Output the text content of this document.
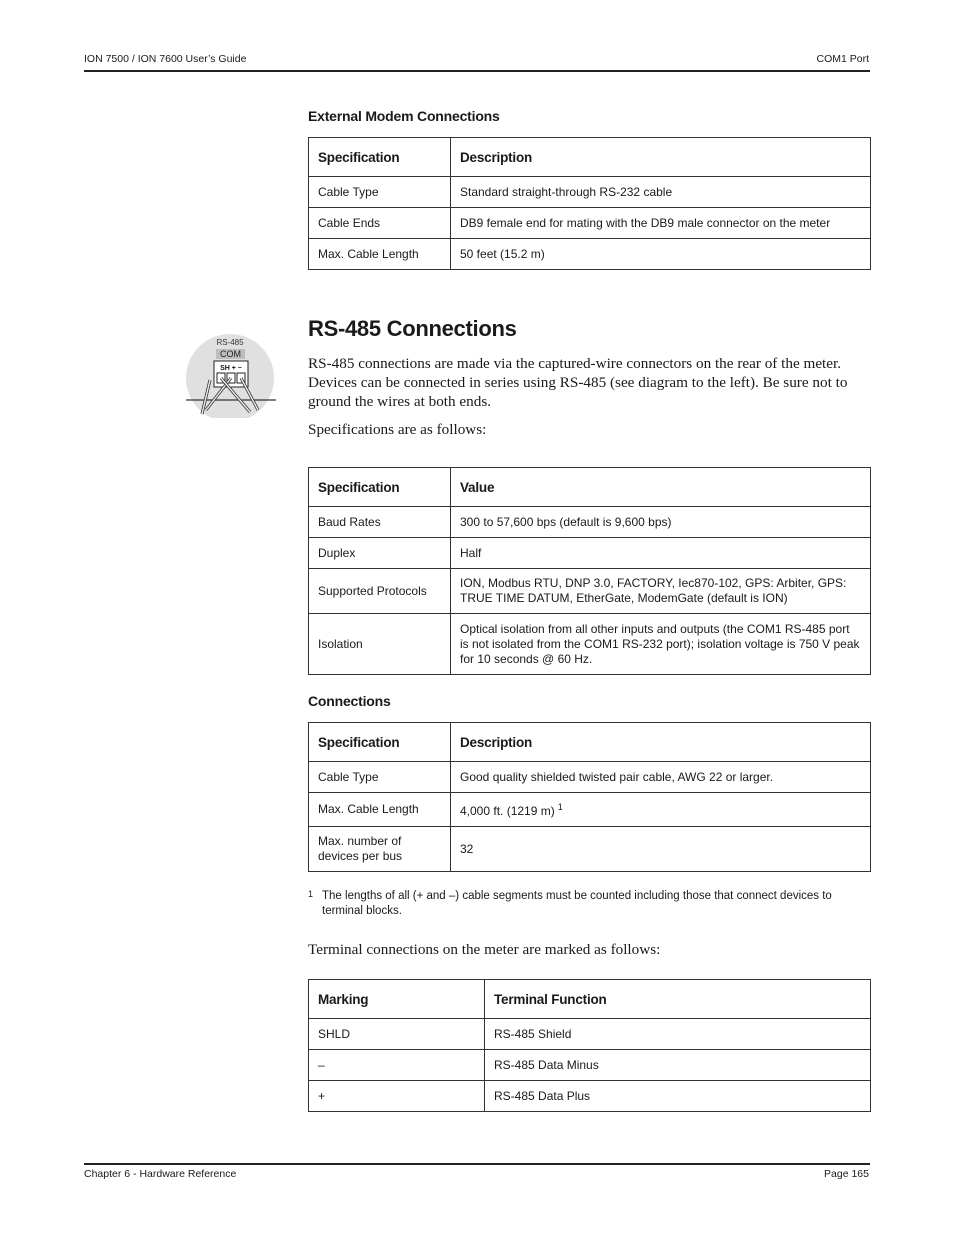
ION 7500 / ION 7600 User’s Guide	COM1 Port
External Modem Connections
Specification	Description
Cable Type	Standard straight-through RS-232 cable
Cable Ends	DB9 female end for mating with the DB9 male connector on the meter
Max. Cable Length	50 feet (15.2 m)
RS-485
COM
SH + −
RS-485 Connections
RS-485 connections are made via the captured-wire connectors on the rear of the meter. Devices can be connected in series using RS-485 (see diagram to the left). Be sure not to ground the wires at both ends.
Specifications are as follows:
Specification	Value
Baud Rates	300 to 57,600 bps (default is 9,600 bps)
Duplex	Half
Supported Protocols	ION, Modbus RTU, DNP 3.0, FACTORY, Iec870-102, GPS: Arbiter, GPS: TRUE TIME DATUM, EtherGate, ModemGate (default is ION)
Isolation	Optical isolation from all other inputs and outputs (the COM1 RS-485 port is not isolated from the COM1 RS-232 port); isolation voltage is 750 V peak for 10 seconds @ 60 Hz.
Connections
Specification	Description
Cable Type	Good quality shielded twisted pair cable, AWG 22 or larger.
Max. Cable Length	4,000 ft. (1219 m) $^1$
Max. number of devices per bus	32
1 The lengths of all (+ and –) cable segments must be counted including those that connect devices to terminal blocks.
Terminal connections on the meter are marked as follows:
Marking	Terminal Function
SHLD	RS-485 Shield
–	RS-485 Data Minus
+	RS-485 Data Plus
Chapter 6 - Hardware Reference	Page 165
